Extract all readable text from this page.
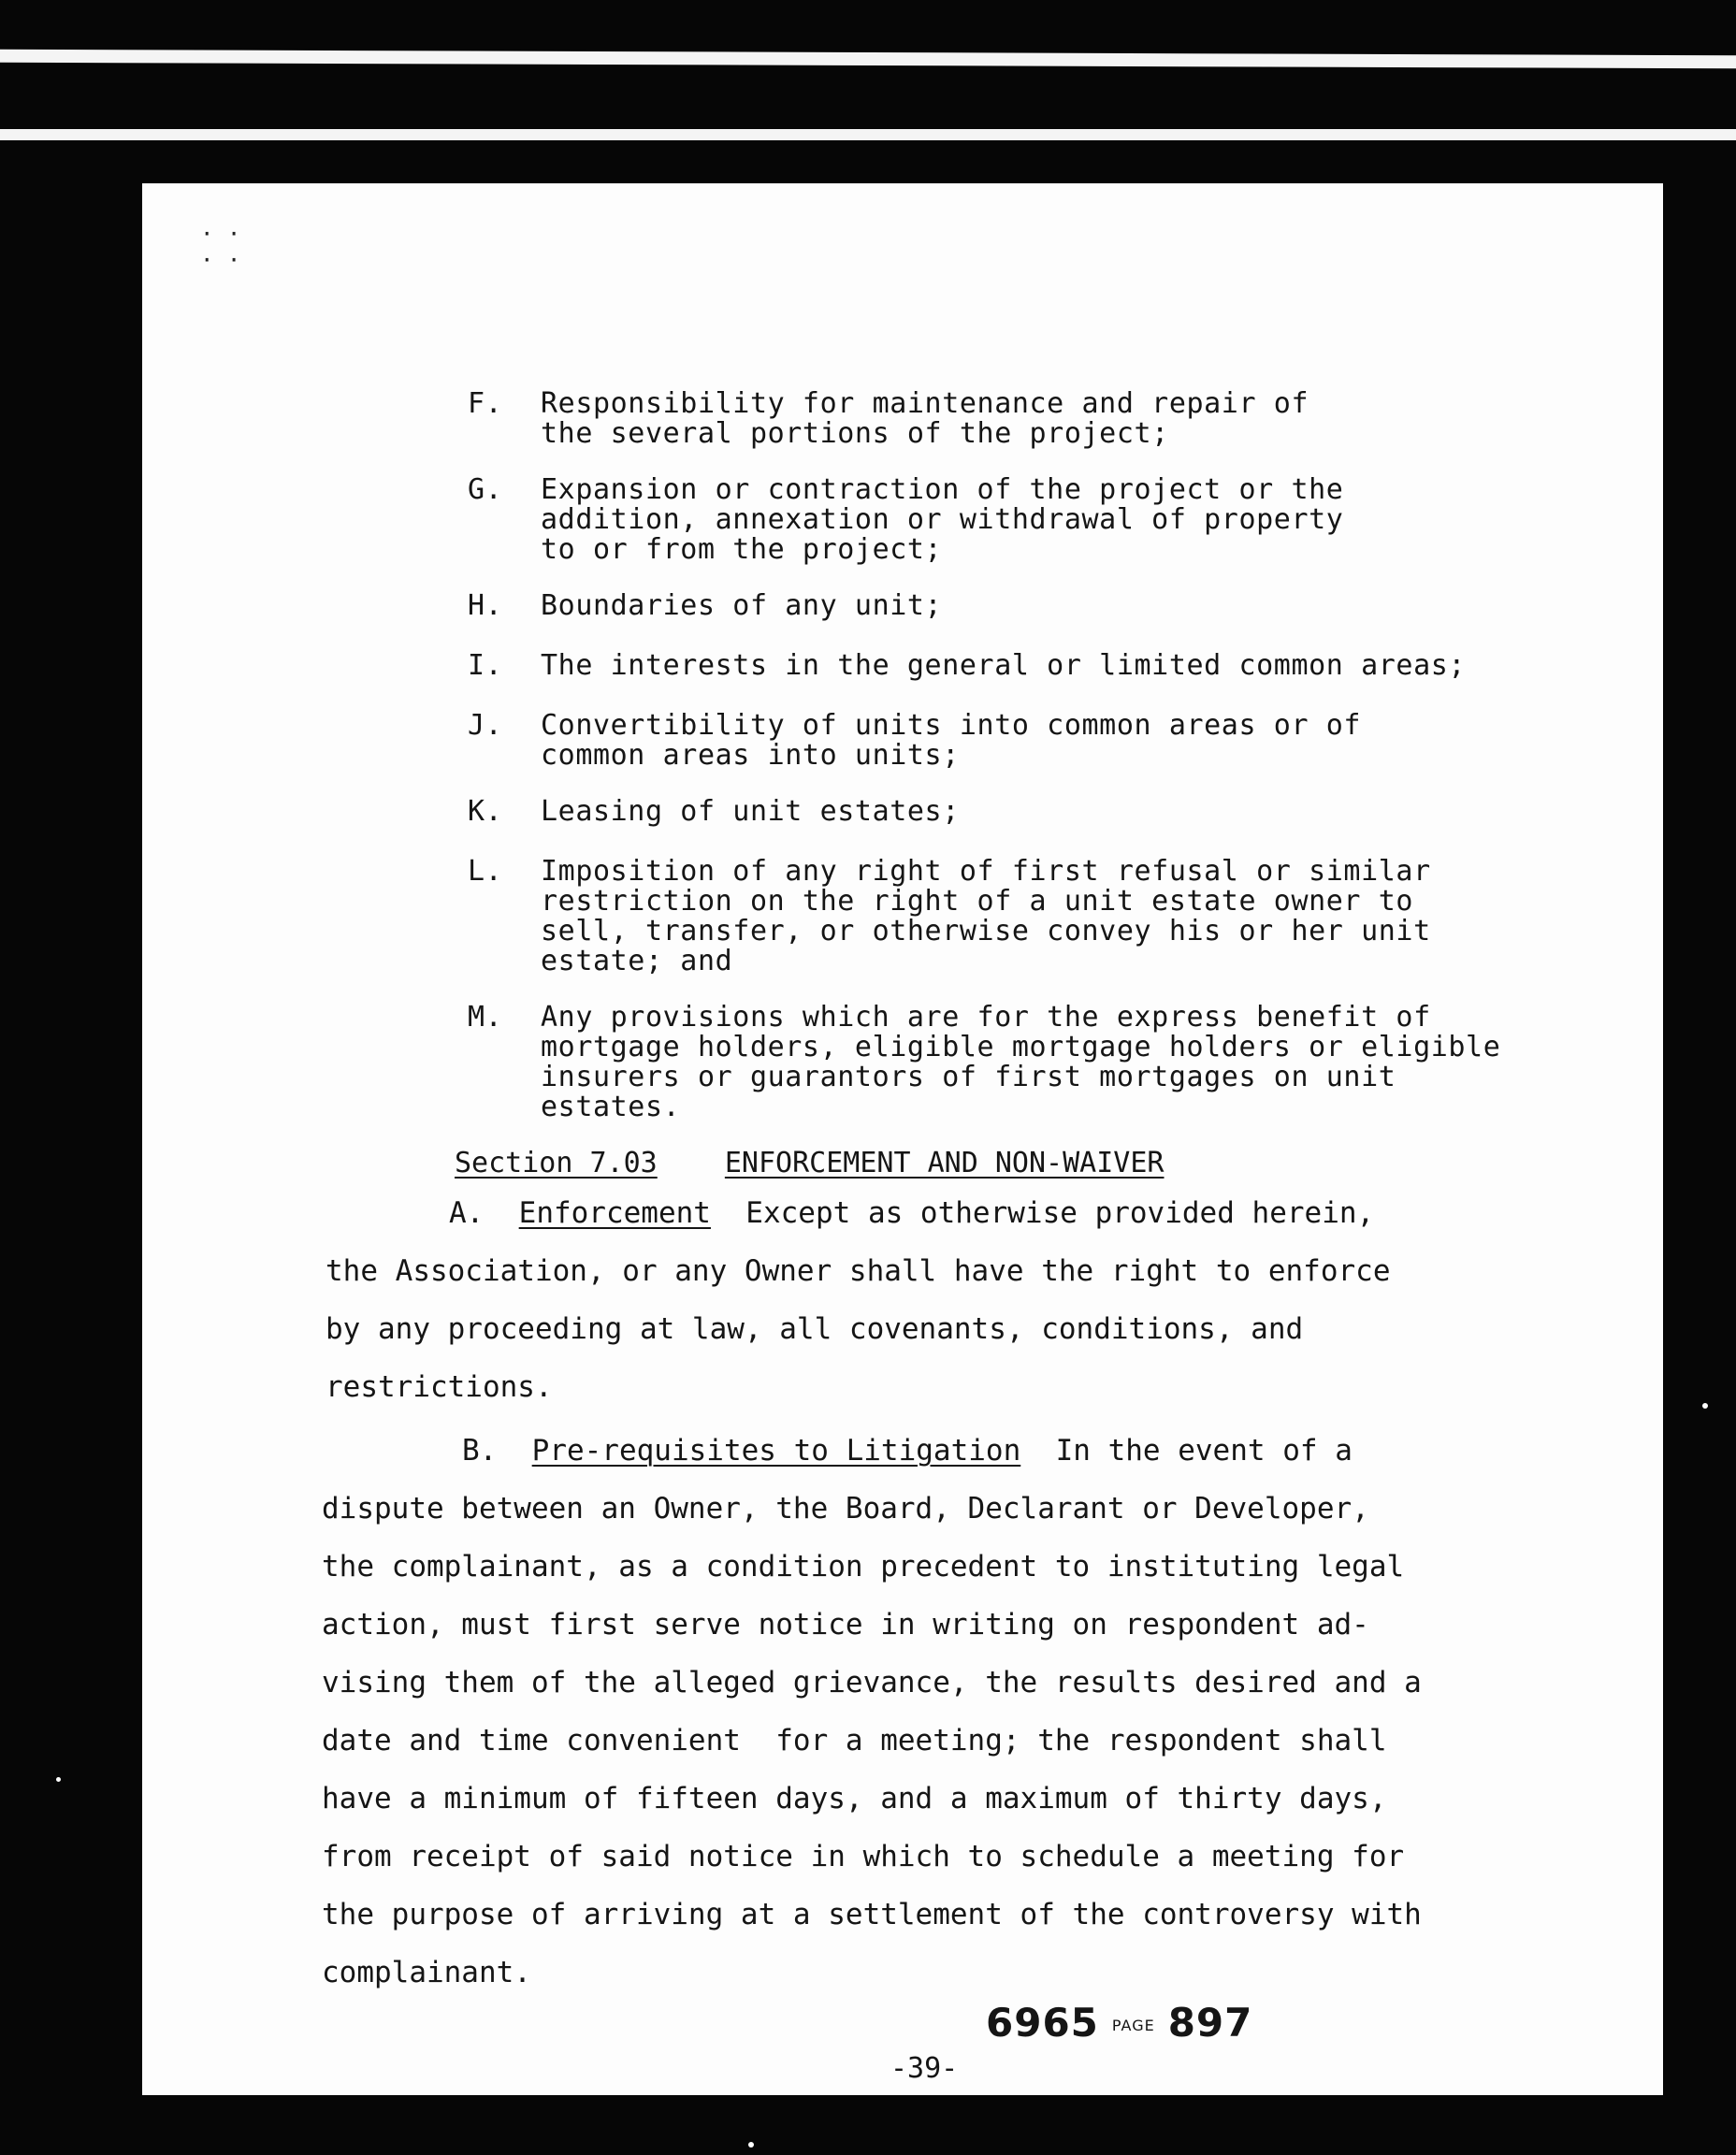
· ·
· ·
F.	Responsibility for maintenance and repair of
the several portions of the project;
G.	Expansion or contraction of the project or the
addition, annexation or withdrawal of property
to or from the project;
H.	Boundaries of any unit;
I.	The interests in the general or limited common areas;
J.	Convertibility of units into common areas or of
common areas into units;
K.	Leasing of unit estates;
L.	Imposition of any right of first refusal or similar
restriction on the right of a unit estate owner to
sell, transfer, or otherwise convey his or her unit
estate; and
M.	Any provisions which are for the express benefit of
mortgage holders, eligible mortgage holders or eligible
insurers or guarantors of first mortgages on unit
estates.
Section 7.03 ENFORCEMENT AND NON-WAIVER
A. Enforcement Except as otherwise provided herein,
the Association, or any Owner shall have the right to enforce
by any proceeding at law, all covenants, conditions, and
restrictions.
B. Pre-requisites to Litigation In the event of a
dispute between an Owner, the Board, Declarant or Developer,
the complainant, as a condition precedent to instituting legal
action, must first serve notice in writing on respondent ad-
vising them of the alleged grievance, the results desired and a
date and time convenient  for a meeting; the respondent shall
have a minimum of fifteen days, and a maximum of thirty days,
from receipt of said notice in which to schedule a meeting for
the purpose of arriving at a settlement of the controversy with
complainant.
6965 PAGE 897
-39-
